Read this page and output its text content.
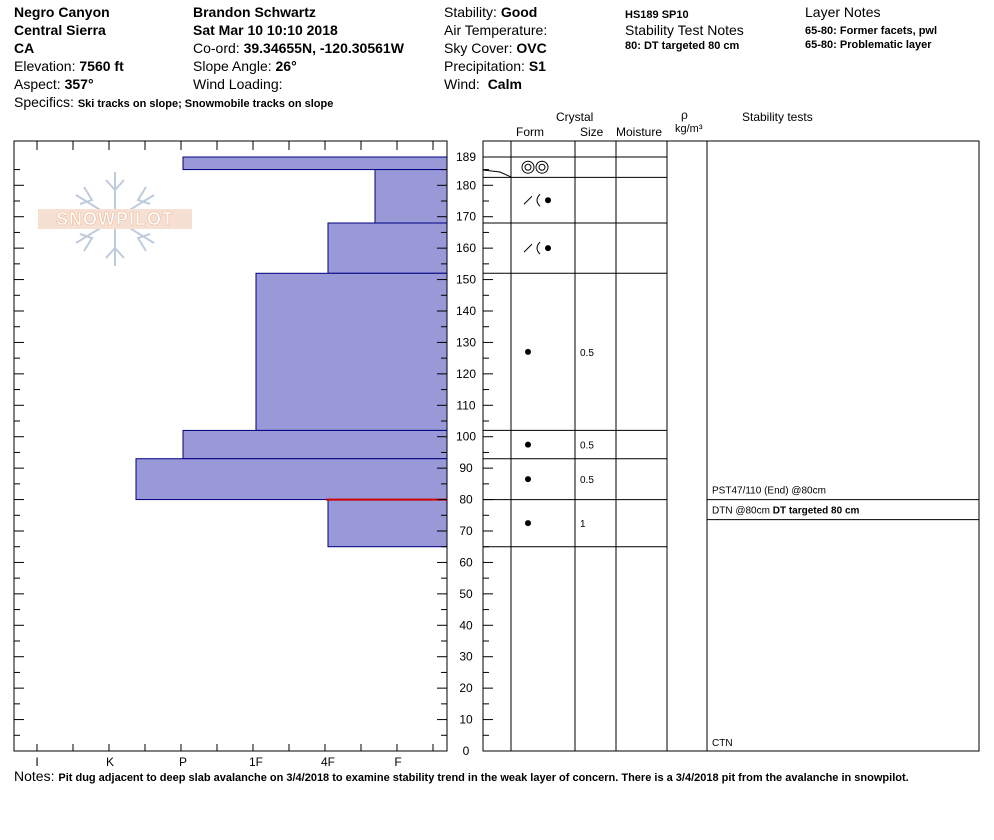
Negro Canyon
Central Sierra
CA
Elevation: 7560 ft
Aspect: 357°
Specifics: Ski tracks on slope; Snowmobile tracks on slope
Brandon Schwartz
Sat Mar 10 10:10 2018
Co-ord: 39.34655N, -120.30561W
Slope Angle: 26°
Wind Loading:
Stability: Good
Air Temperature:
Sky Cover: OVC
Precipitation: S1
Wind: Calm
HS189 SP10
Stability Test Notes
80: DT targeted 80 cm
Layer Notes
65-80: Former facets, pwl
65-80: Problematic layer
Crystal
Form	Size Moisture
ρ
kg/m³
Stability tests
SNOWPILOT
I	K	P	1F	4F	F
0
10
20
30
40
50
60
70
80
90
100
110
120
130
140
150
160
170
180
189
0.5
0.5
0.5
1
PST47/110 (End) @80cm
DTN @80cm DT targeted 80 cm
CTN
Notes: Pit dug adjacent to deep slab avalanche on 3/4/2018 to examine stability trend in the weak layer of concern. There is a 3/4/2018 pit from the avalanche in snowpilot.
